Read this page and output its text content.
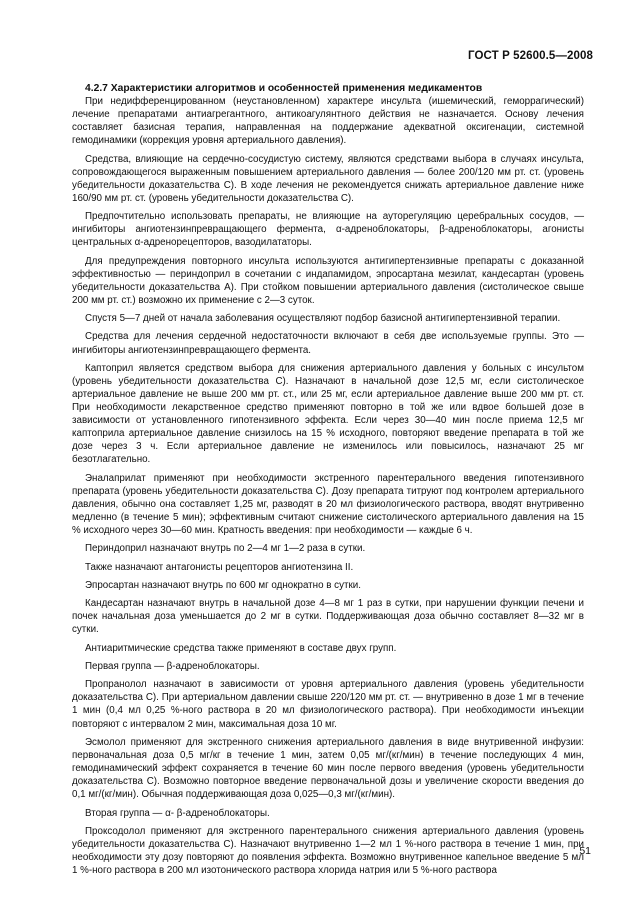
ГОСТ Р 52600.5—2008
4.2.7 Характеристики алгоритмов и особенностей применения медикаментов

При недифференцированном (неустановленном) характере инсульта (ишемический, геморрагический) лечение препаратами антиагрегантного, антикоагулянтного действия не назначается. Основу лечения составляет базисная терапия, направленная на поддержание адекватной оксигенации, системной гемодинамики (коррекция уровня артериального давления).

Средства, влияющие на сердечно-сосудистую систему, являются средствами выбора в случаях инсульта, сопровождающегося выраженным повышением артериального давления — более 200/120 мм рт. ст. (уровень убедительности доказательства С). В ходе лечения не рекомендуется снижать артериальное давление ниже 160/90 мм рт. ст. (уровень убедительности доказательства С).

Предпочтительно использовать препараты, не влияющие на ауторегуляцию церебральных сосудов, — ингибиторы ангиотензинпревращающего фермента, α-адреноблокаторы, β-адреноблокаторы, агонисты центральных α-адренорецепторов, вазодилататоры.

Для предупреждения повторного инсульта используются антигипертензивные препараты с доказанной эффективностью — периндоприл в сочетании с индапамидом, эпросартана мезилат, кандесартан (уровень убедительности доказательства А). При стойком повышении артериального давления (систолическое свыше 200 мм рт. ст.) возможно их применение с 2—3 суток.

Спустя 5—7 дней от начала заболевания осуществляют подбор базисной антигипертензивной терапии.

Средства для лечения сердечной недостаточности включают в себя две используемые группы. Это — ингибиторы ангиотензинпревращающего фермента.

Каптоприл является средством выбора для снижения артериального давления у больных с инсультом (уровень убедительности доказательства С). Назначают в начальной дозе 12,5 мг, если систолическое артериальное давление не выше 200 мм рт. ст., или 25 мг, если артериальное давление выше 200 мм рт. ст. При необходимости лекарственное средство применяют повторно в той же или вдвое большей дозе в зависимости от установленного гипотензивного эффекта. Если через 30—40 мин после приема 12,5 мг каптоприла артериальное давление снизилось на 15 % исходного, повторяют введение препарата в той же дозе через 3 ч. Если артериальное давление не изменилось или повысилось, назначают 25 мг безотлагательно.

Эналаприлат применяют при необходимости экстренного парентерального введения гипотензивного препарата (уровень убедительности доказательства С). Дозу препарата титруют под контролем артериального давления, обычно она составляет 1,25 мг, разводят в 20 мл физиологического раствора, вводят внутривенно медленно (в течение 5 мин); эффективным считают снижение систолического артериального давления на 15 % исходного через 30—60 мин. Кратность введения: при необходимости — каждые 6 ч.

Периндоприл назначают внутрь по 2—4 мг 1—2 раза в сутки.

Также назначают антагонисты рецепторов ангиотензина II.

Эпросартан назначают внутрь по 600 мг однократно в сутки.

Кандесартан назначают внутрь в начальной дозе 4—8 мг 1 раз в сутки, при нарушении функции печени и почек начальная доза уменьшается до 2 мг в сутки. Поддерживающая доза обычно составляет 8—32 мг в сутки.

Антиаритмические средства также применяют в составе двух групп.

Первая группа — β-адреноблокаторы.

Пропранолол назначают в зависимости от уровня артериального давления (уровень убедительности доказательства С). При артериальном давлении свыше 220/120 мм рт. ст. — внутривенно в дозе 1 мг в течение 1 мин (0,4 мл 0,25 %-ного раствора в 20 мл физиологического раствора). При необходимости инъекции повторяют с интервалом 2 мин, максимальная доза 10 мг.

Эсмолол применяют для экстренного снижения артериального давления в виде внутривенной инфузии: первоначальная доза 0,5 мг/кг в течение 1 мин, затем 0,05 мг/(кг/мин) в течение последующих 4 мин, гемодинамический эффект сохраняется в течение 60 мин после первого введения (уровень убедительности доказательства С). Возможно повторное введение первоначальной дозы и увеличение скорости введения до 0,1 мг/(кг/мин). Обычная поддерживающая доза 0,025—0,3 мг/(кг/мин).

Вторая группа — α- β-адреноблокаторы.

Проксодолол применяют для экстренного парентерального снижения артериального давления (уровень убедительности доказательства С). Назначают внутривенно 1—2 мл 1 %-ного раствора в течение 1 мин, при необходимости эту дозу повторяют до появления эффекта. Возможно внутривенное капельное введение 5 мл 1 %-ного раствора в 200 мл изотонического раствора хлорида натрия или 5 %-ного раствора

51
